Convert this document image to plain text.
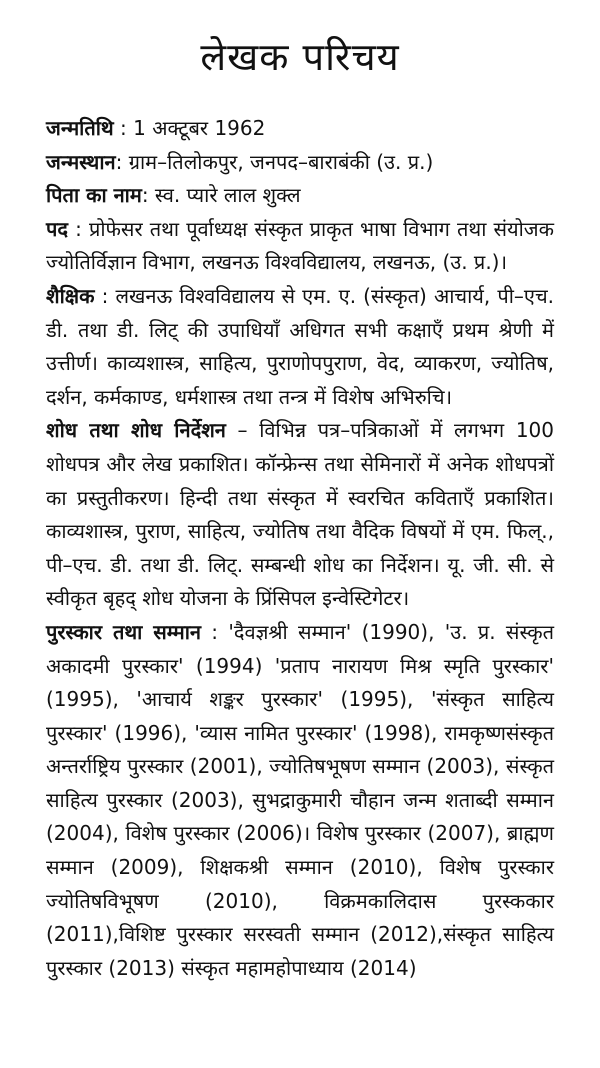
लेखक परिचय

जन्मतिथि : 1 अक्टूबर 1962

जन्मस्थान: ग्राम–तिलोकपुर, जनपद–बाराबंकी (उ. प्र.)

पिता का नाम: स्व. प्यारे लाल शुक्ल

पद : प्रोफेसर तथा पूर्वाध्यक्ष संस्कृत प्राकृत भाषा विभाग तथा संयोजक ज्योतिर्विज्ञान विभाग, लखनऊ विश्वविद्यालय, लखनऊ, (उ. प्र.)।

शैक्षिक : लखनऊ विश्वविद्यालय से एम. ए. (संस्कृत) आचार्य, पी–एच. डी. तथा डी. लिट् की उपाधियाँ अधिगत सभी कक्षाएँ प्रथम श्रेणी में उत्तीर्ण। काव्यशास्त्र, साहित्य, पुराणोपपुराण, वेद, व्याकरण, ज्योतिष, दर्शन, कर्मकाण्ड, धर्मशास्त्र तथा तन्त्र में विशेष अभिरुचि।

शोध तथा शोध निर्देशन – विभिन्न पत्र–पत्रिकाओं में लगभग 100 शोधपत्र और लेख प्रकाशित। कॉन्फ्रेन्स तथा सेमिनारों में अनेक शोधपत्रों का प्रस्तुतीकरण। हिन्दी तथा संस्कृत में स्वरचित कविताएँ प्रकाशित। काव्यशास्त्र, पुराण, साहित्य, ज्योतिष तथा वैदिक विषयों में एम. फिल्., पी–एच. डी. तथा डी. लिट्. सम्बन्धी शोध का निर्देशन। यू. जी. सी. से स्वीकृत बृहद् शोध योजना के प्रिंसिपल इन्वेस्टिगेटर।

पुरस्कार तथा सम्मान : 'दैवज्ञश्री सम्मान' (1990), 'उ. प्र. संस्कृत अकादमी पुरस्कार' (1994) 'प्रताप नारायण मिश्र स्मृति पुरस्कार' (1995), 'आचार्य शङ्कर पुरस्कार' (1995), 'संस्कृत साहित्य पुरस्कार' (1996), 'व्यास नामित पुरस्कार' (1998), रामकृष्णसंस्कृत अन्तर्राष्ट्रिय पुरस्कार (2001), ज्योतिषभूषण सम्मान (2003), संस्कृत साहित्य पुरस्कार (2003), सुभद्राकुमारी चौहान जन्म शताब्दी सम्मान (2004), विशेष पुरस्कार (2006)। विशेष पुरस्कार (2007), ब्राह्मण सम्मान (2009), शिक्षकश्री सम्मान (2010), विशेष पुरस्कार ज्योतिषविभूषण (2010), विक्रमकालिदास पुरस्ककार (2011),विशिष्ट पुरस्कार सरस्वती सम्मान (2012),संस्कृत साहित्य पुरस्कार (2013) संस्कृत महामहोपाध्याय (2014)
